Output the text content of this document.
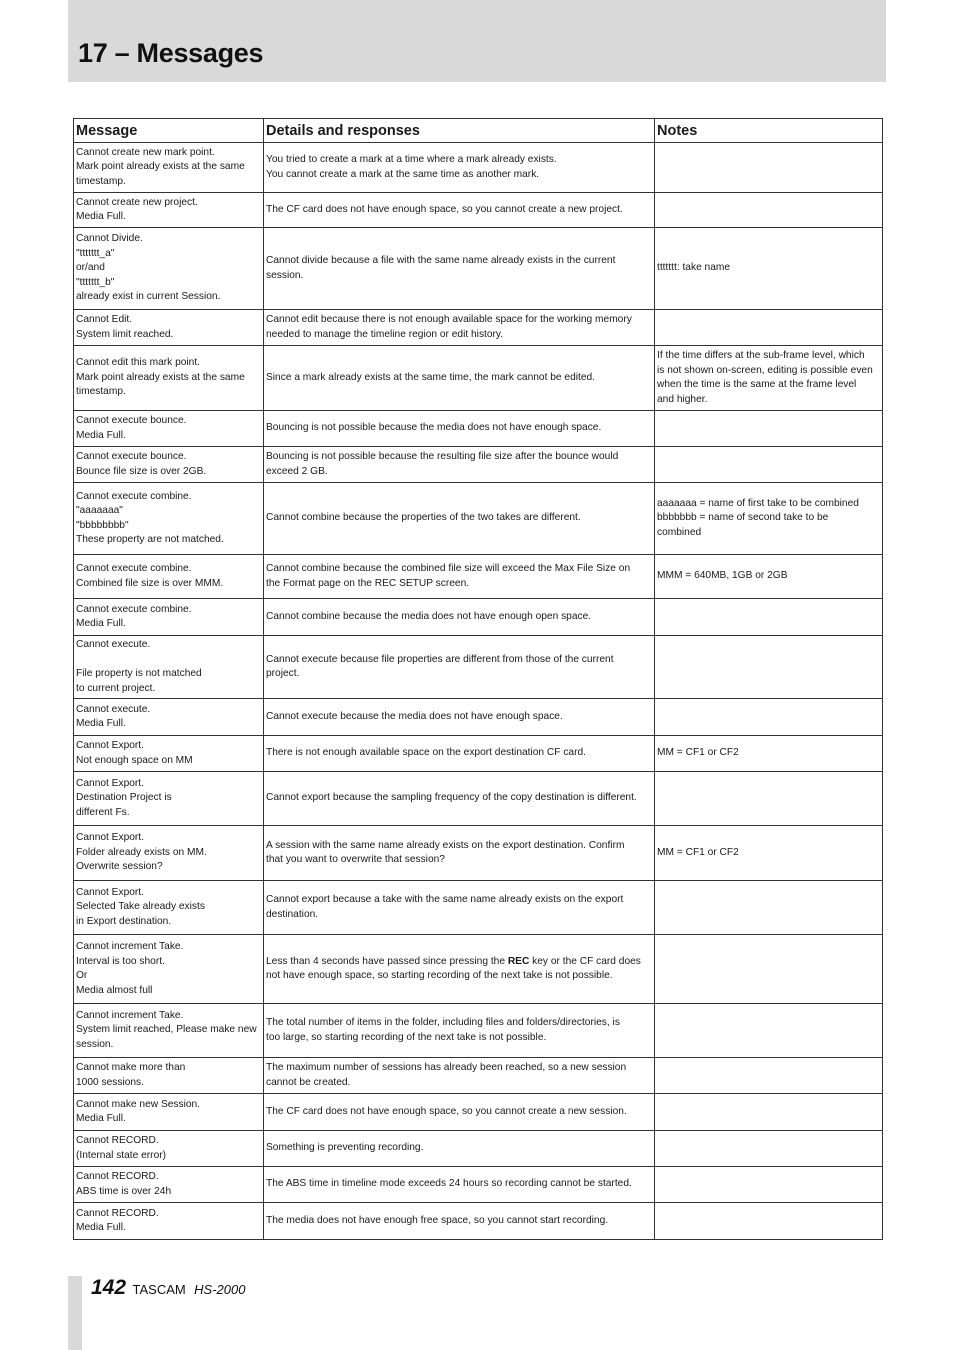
17 – Messages
Message	Details and responses	Notes

Cannot create new mark point.
Mark point already exists at the same
timestamp.	You tried to create a mark at a time where a mark already exists.
You cannot create a mark at the same time as another mark.	

Cannot create new project.
Media Full.	The CF card does not have enough space, so you cannot create a new project.	

Cannot Divide.
"ttttttt_a"
or/and
"ttttttt_b"
already exist in current Session.	Cannot divide because a file with the same name already exists in the current
session.	ttttttt: take name

Cannot Edit.
System limit reached.	Cannot edit because there is not enough available space for the working memory
needed to manage the timeline region or edit history.	

Cannot edit this mark point.
Mark point already exists at the same
timestamp.	Since a mark already exists at the same time, the mark cannot be edited.	If the time differs at the sub-frame level, which
is not shown on-screen, editing is possible even
when the time is the same at the frame level
and higher.

Cannot execute bounce.
Media Full.	Bouncing is not possible because the media does not have enough space.	

Cannot execute bounce.
Bounce file size is over 2GB.	Bouncing is not possible because the resulting file size after the bounce would
exceed 2 GB.	

Cannot execute combine.
"aaaaaaa"
"bbbbbbbb"
These property are not matched.	Cannot combine because the properties of the two takes are different.	aaaaaaa = name of first take to be combined
bbbbbbb = name of second take to be
combined

Cannot execute combine.
Combined file size is over MMM.	Cannot combine because the combined file size will exceed the Max File Size on
the Format page on the REC SETUP screen.	MMM = 640MB, 1GB or 2GB

Cannot execute combine.
Media Full.	Cannot combine because the media does not have enough open space.	

Cannot execute.
File property is not matched
to current project.	Cannot execute because file properties are different from those of the current
project.	

Cannot execute.
Media Full.	Cannot execute because the media does not have enough space.	

Cannot Export.
Not enough space on MM	There is not enough available space on the export destination CF card.	MM = CF1 or CF2

Cannot Export.
Destination Project is
different Fs.	Cannot export because the sampling frequency of the copy destination is different.	

Cannot Export.
Folder already exists on MM.
Overwrite session?	A session with the same name already exists on the export destination. Confirm
that you want to overwrite that session?	MM = CF1 or CF2

Cannot Export.
Selected Take already exists
in Export destination.	Cannot export because a take with the same name already exists on the export
destination.	

Cannot increment Take.
Interval is too short.
Or
Media almost full	Less than 4 seconds have passed since pressing the REC key or the CF card does
not have enough space, so starting recording of the next take is not possible.	

Cannot increment Take.
System limit reached, Please make new
session.	The total number of items in the folder, including files and folders/directories, is
too large, so starting recording of the next take is not possible.	

Cannot make more than
1000 sessions.	The maximum number of sessions has already been reached, so a new session
cannot be created.	

Cannot make new Session.
Media Full.	The CF card does not have enough space, so you cannot create a new session.	

Cannot RECORD.
(Internal state error)	Something is preventing recording.	

Cannot RECORD.
ABS time is over 24h	The ABS time in timeline mode exceeds 24 hours so recording cannot be started.	

Cannot RECORD.
Media Full.	The media does not have enough free space, so you cannot start recording.	

142 TASCAM HS-2000
